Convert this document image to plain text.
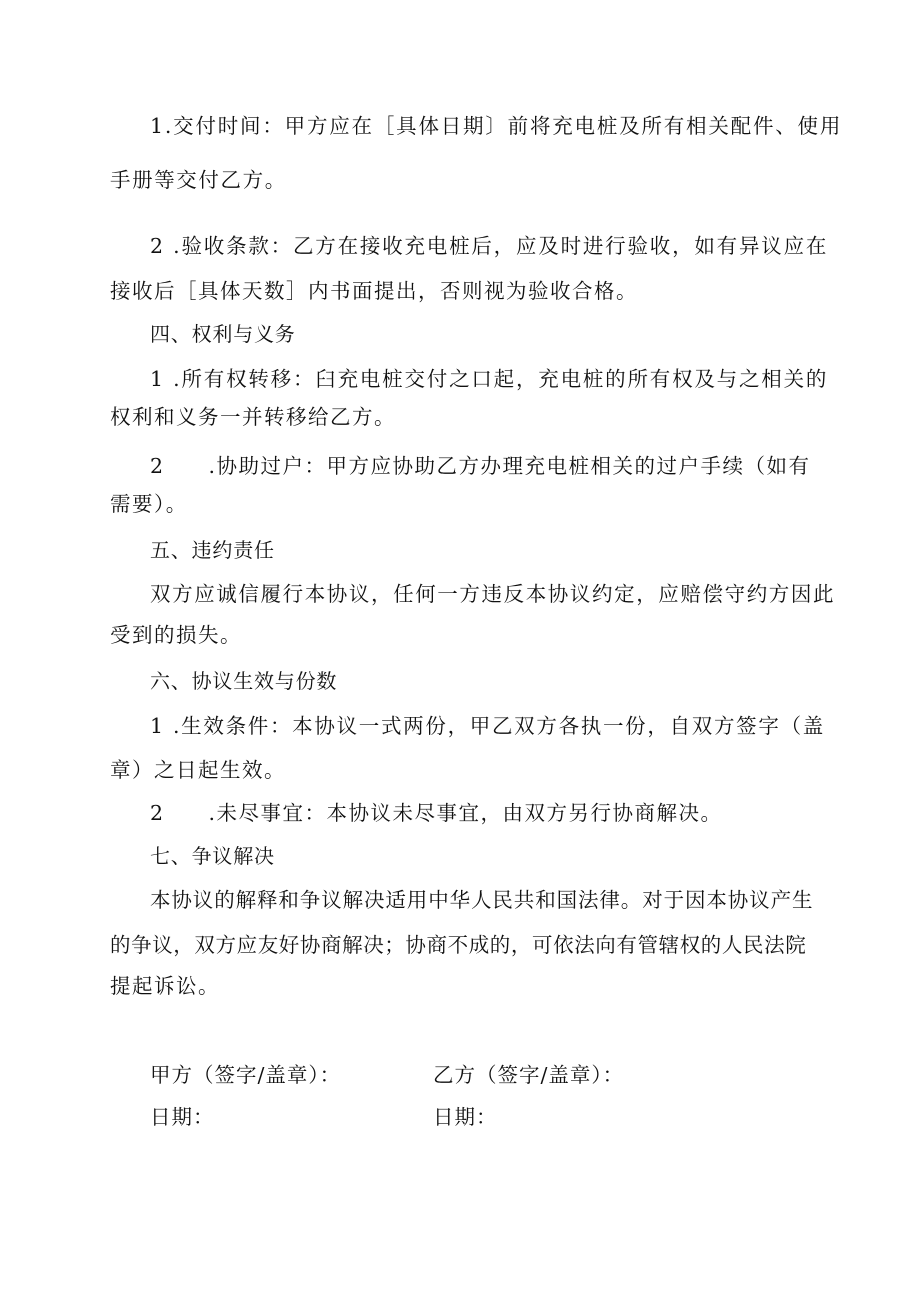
1.交付时间：甲方应在［具体日期〕前将充电桩及所有相关配件、使用
手册等交付乙方。
2 .验收条款：乙方在接收充电桩后，应及时进行验收，如有异议应在
接收后［具体天数］内书面提出，否则视为验收合格。
四、权利与义务
1 .所有权转移：臼充电桩交付之口起，充电桩的所有权及与之相关的
权利和义务一并转移给乙方。
2　　.协助过户：甲方应协助乙方办理充电桩相关的过户手续（如有
需要）。
五、违约责任
双方应诚信履行本协议，任何一方违反本协议约定，应赔偿守约方因此
受到的损失。
六、协议生效与份数
1 .生效条件：本协议一式两份，甲乙双方各执一份，自双方签字（盖
章）之日起生效。
2　　.未尽事宜：本协议未尽事宜，由双方另行协商解决。
七、争议解决
本协议的解释和争议解决适用中华人民共和国法律。对于因本协议产生
的争议，双方应友好协商解决；协商不成的，可依法向有管辖权的人民法院
提起诉讼。
甲方（签字/盖章）：	乙方（签字/盖章）：
日期：	日期：
